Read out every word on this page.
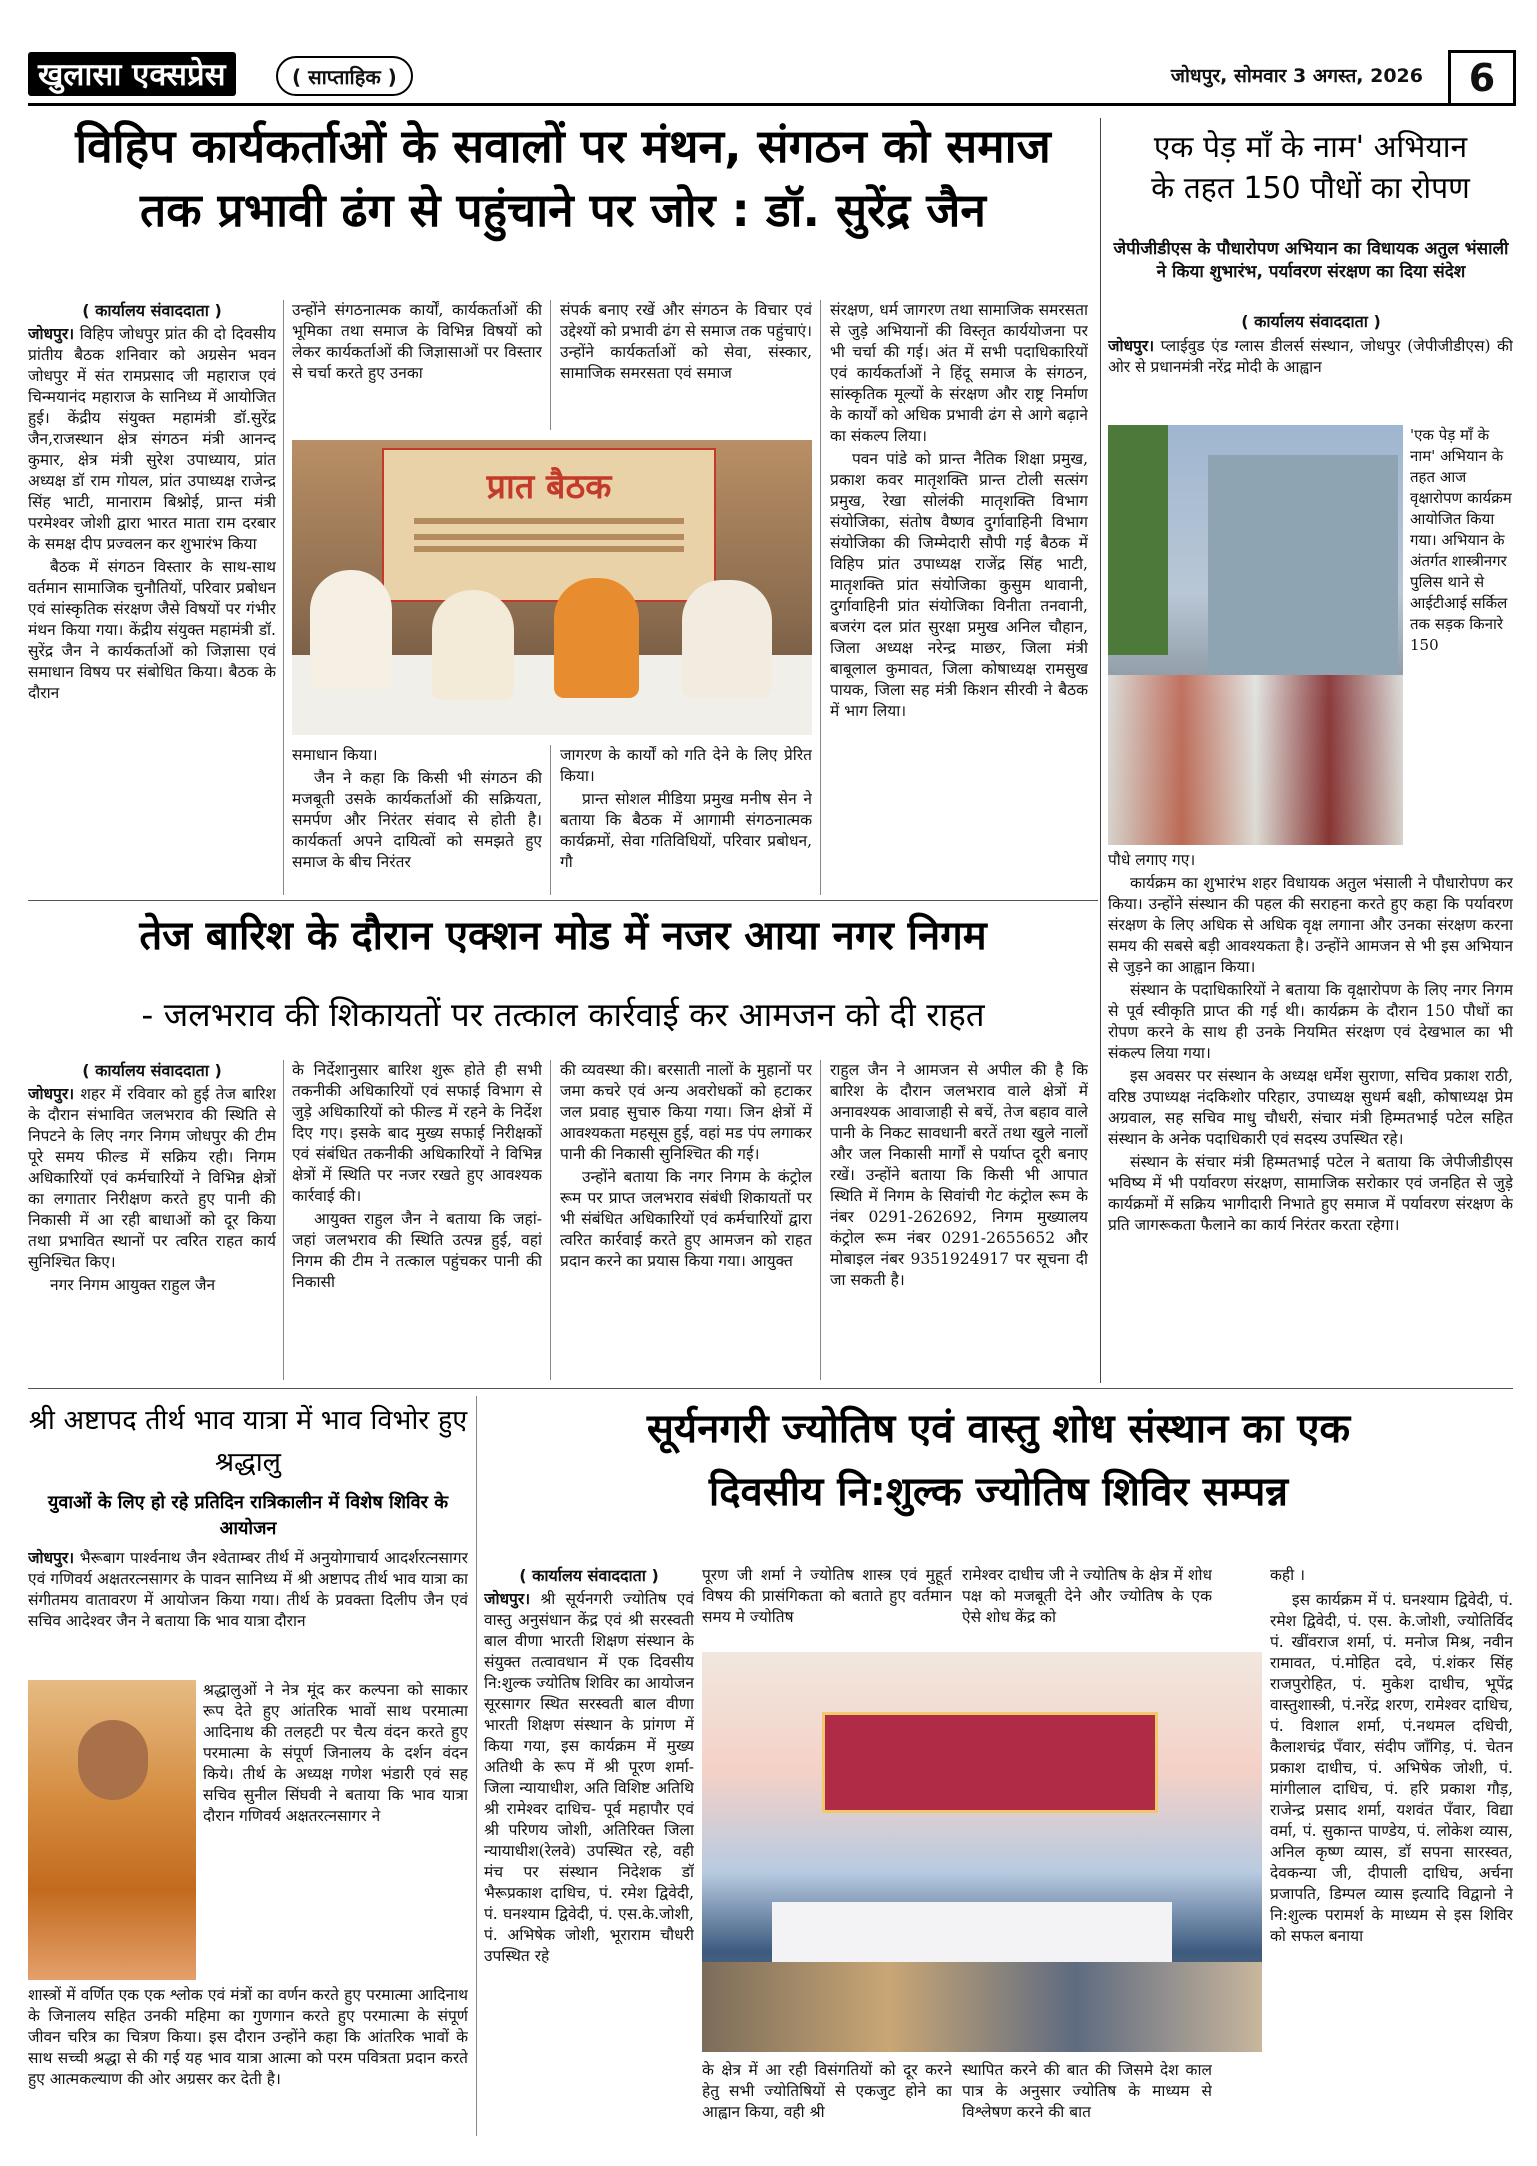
खुलासा एक्सप्रेस	( साप्ताहिक )	जोधपुर, सोमवार 3 अगस्त, 2026 6

विहिप कार्यकर्ताओं के सवालों पर मंथन, संगठन को समाज

तक प्रभावी ढंग से पहुंचाने पर जोर : डॉ. सुरेंद्र जैन

( कार्यालय संवाददाता )

जोधपुर। विहिप जोधपुर प्रांत की दो दिवसीय प्रांतीय बैठक शनिवार को अग्रसेन भवन जोधपुर में संत रामप्रसाद जी महाराज एवं चिन्मयानंद महाराज के सानिध्य में आयोजित हुई। केंद्रीय संयुक्त महामंत्री डॉ.सुरेंद्र जैन,राजस्थान क्षेत्र संगठन मंत्री आनन्द कुमार, क्षेत्र मंत्री सुरेश उपाध्याय, प्रांत अध्यक्ष डॉ राम गोयल, प्रांत उपाध्यक्ष राजेन्द्र सिंह भाटी, मानाराम बिश्नोई, प्रान्त मंत्री परमेश्वर जोशी द्वारा भारत माता राम दरबार के समक्ष दीप प्रज्वलन कर शुभारंभ किया

बैठक में संगठन विस्तार के साथ-साथ वर्तमान सामाजिक चुनौतियों, परिवार प्रबोधन एवं सांस्कृतिक संरक्षण जैसे विषयों पर गंभीर मंथन किया गया। केंद्रीय संयुक्त महामंत्री डॉ. सुरेंद्र जैन ने कार्यकर्ताओं को जिज्ञासा एवं समाधान विषय पर संबोधित किया। बैठक के दौरान

उन्होंने संगठनात्मक कार्यों, कार्यकर्ताओं की भूमिका तथा समाज के विभिन्न विषयों को लेकर कार्यकर्ताओं की जिज्ञासाओं पर विस्तार से चर्चा करते हुए उनका

संपर्क बनाए रखें और संगठन के विचार एवं उद्देश्यों को प्रभावी ढंग से समाज तक पहुंचाएं। उन्होंने कार्यकर्ताओं को सेवा, संस्कार, सामाजिक समरसता एवं समाज

प्रात बैठक

समाधान किया।

जैन ने कहा कि किसी भी संगठन की मजबूती उसके कार्यकर्ताओं की सक्रियता, समर्पण और निरंतर संवाद से होती है। कार्यकर्ता अपने दायित्वों को समझते हुए समाज के बीच निरंतर

जागरण के कार्यों को गति देने के लिए प्रेरित किया।

प्रान्त सोशल मीडिया प्रमुख मनीष सेन ने बताया कि बैठक में आगामी संगठनात्मक कार्यक्रमों, सेवा गतिविधियों, परिवार प्रबोधन, गौ

संरक्षण, धर्म जागरण तथा सामाजिक समरसता से जुड़े अभियानों की विस्तृत कार्ययोजना पर भी चर्चा की गई। अंत में सभी पदाधिकारियों एवं कार्यकर्ताओं ने हिंदू समाज के संगठन, सांस्कृतिक मूल्यों के संरक्षण और राष्ट्र निर्माण के कार्यों को अधिक प्रभावी ढंग से आगे बढ़ाने का संकल्प लिया।

पवन पांडे को प्रान्त नैतिक शिक्षा प्रमुख, प्रकाश कवर मातृशक्ति प्रान्त टोली सत्संग प्रमुख, रेखा सोलंकी मातृशक्ति विभाग संयोजिका, संतोष वैष्णव दुर्गावाहिनी विभाग संयोजिका की जिम्मेदारी सौपी गई बैठक में विहिप प्रांत उपाध्यक्ष राजेंद्र सिंह भाटी, मातृशक्ति प्रांत संयोजिका कुसुम थावानी, दुर्गावाहिनी प्रांत संयोजिका विनीता तनवानी, बजरंग दल प्रांत सुरक्षा प्रमुख अनिल चौहान, जिला अध्यक्ष नरेन्द्र माछर, जिला मंत्री बाबूलाल कुमावत, जिला कोषाध्यक्ष रामसुख पायक, जिला सह मंत्री किशन सीरवी ने बैठक में भाग लिया।

एक पेड़ माँ के नाम' अभियान

के तहत 150 पौधों का रोपण

जेपीजीडीएस के पौधारोपण अभियान का विधायक अतुल भंसाली ने किया शुभारंभ, पर्यावरण संरक्षण का दिया संदेश
( कार्यालय संवाददाता )

जोधपुर। प्लाईवुड एंड ग्लास डीलर्स संस्थान, जोधपुर (जेपीजीडीएस) की ओर से प्रधानमंत्री नरेंद्र मोदी के आह्वान

'एक पेड़ माँ के नाम' अभियान के तहत आज वृक्षारोपण कार्यक्रम आयोजित किया गया। अभियान के अंतर्गत शास्त्रीनगर पुलिस थाने से आईटीआई सर्किल तक सड़क किनारे 150

पौधे लगाए गए।

कार्यक्रम का शुभारंभ शहर विधायक अतुल भंसाली ने पौधारोपण कर किया। उन्होंने संस्थान की पहल की सराहना करते हुए कहा कि पर्यावरण संरक्षण के लिए अधिक से अधिक वृक्ष लगाना और उनका संरक्षण करना समय की सबसे बड़ी आवश्यकता है। उन्होंने आमजन से भी इस अभियान से जुड़ने का आह्वान किया।

संस्थान के पदाधिकारियों ने बताया कि वृक्षारोपण के लिए नगर निगम से पूर्व स्वीकृति प्राप्त की गई थी। कार्यक्रम के दौरान 150 पौधों का रोपण करने के साथ ही उनके नियमित संरक्षण एवं देखभाल का भी संकल्प लिया गया।

इस अवसर पर संस्थान के अध्यक्ष धर्मेश सुराणा, सचिव प्रकाश राठी, वरिष्ठ उपाध्यक्ष नंदकिशोर परिहार, उपाध्यक्ष सुधर्म बक्षी, कोषाध्यक्ष प्रेम अग्रवाल, सह सचिव माधु चौधरी, संचार मंत्री हिम्मतभाई पटेल सहित संस्थान के अनेक पदाधिकारी एवं सदस्य उपस्थित रहे।

संस्थान के संचार मंत्री हिम्मतभाई पटेल ने बताया कि जेपीजीडीएस भविष्य में भी पर्यावरण संरक्षण, सामाजिक सरोकार एवं जनहित से जुड़े कार्यक्रमों में सक्रिय भागीदारी निभाते हुए समाज में पर्यावरण संरक्षण के प्रति जागरूकता फैलाने का कार्य निरंतर करता रहेगा।

तेज बारिश के दौरान एक्शन मोड में नजर आया नगर निगम

- जलभराव की शिकायतों पर तत्काल कार्रवाई कर आमजन को दी राहत

( कार्यालय संवाददाता )

जोधपुर। शहर में रविवार को हुई तेज बारिश के दौरान संभावित जलभराव की स्थिति से निपटने के लिए नगर निगम जोधपुर की टीम पूरे समय फील्ड में सक्रिय रही। निगम अधिकारियों एवं कर्मचारियों ने विभिन्न क्षेत्रों का लगातार निरीक्षण करते हुए पानी की निकासी में आ रही बाधाओं को दूर किया तथा प्रभावित स्थानों पर त्वरित राहत कार्य सुनिश्चित किए।

नगर निगम आयुक्त राहुल जैन

के निर्देशानुसार बारिश शुरू होते ही सभी तकनीकी अधिकारियों एवं सफाई विभाग से जुड़े अधिकारियों को फील्ड में रहने के निर्देश दिए गए। इसके बाद मुख्य सफाई निरीक्षकों एवं संबंधित तकनीकी अधिकारियों ने विभिन्न क्षेत्रों में स्थिति पर नजर रखते हुए आवश्यक कार्रवाई की।

आयुक्त राहुल जैन ने बताया कि जहां-जहां जलभराव की स्थिति उत्पन्न हुई, वहां निगम की टीम ने तत्काल पहुंचकर पानी की निकासी

की व्यवस्था की। बरसाती नालों के मुहानों पर जमा कचरे एवं अन्य अवरोधकों को हटाकर जल प्रवाह सुचारु किया गया। जिन क्षेत्रों में आवश्यकता महसूस हुई, वहां मड पंप लगाकर पानी की निकासी सुनिश्चित की गई।

उन्होंने बताया कि नगर निगम के कंट्रोल रूम पर प्राप्त जलभराव संबंधी शिकायतों पर भी संबंधित अधिकारियों एवं कर्मचारियों द्वारा त्वरित कार्रवाई करते हुए आमजन को राहत प्रदान करने का प्रयास किया गया। आयुक्त

राहुल जैन ने आमजन से अपील की है कि बारिश के दौरान जलभराव वाले क्षेत्रों में अनावश्यक आवाजाही से बचें, तेज बहाव वाले पानी के निकट सावधानी बरतें तथा खुले नालों और जल निकासी मार्गों से पर्याप्त दूरी बनाए रखें। उन्होंने बताया कि किसी भी आपात स्थिति में निगम के सिवांची गेट कंट्रोल रूम के नंबर 0291-262692, निगम मुख्यालय कंट्रोल रूम नंबर 0291-2655652 और मोबाइल नंबर 9351924917 पर सूचना दी जा सकती है।

श्री अष्टापद तीर्थ भाव यात्रा में भाव विभोर हुए श्रद्धालु

युवाओं के लिए हो रहे प्रतिदिन रात्रिकालीन में विशेष शिविर के आयोजन

जोधपुर। भैरूबाग पार्श्वनाथ जैन श्वेताम्बर तीर्थ में अनुयोगाचार्य आदर्शरत्नसागर एवं गणिवर्य अक्षतरत्नसागर के पावन सानिध्य में श्री अष्टापद तीर्थ भाव यात्रा का संगीतमय वातावरण में आयोजन किया गया। तीर्थ के प्रवक्ता दिलीप जैन एवं सचिव आदेश्वर जैन ने बताया कि भाव यात्रा दौरान

श्रद्धालुओं ने नेत्र मूंद कर कल्पना को साकार रूप देते हुए आंतरिक भावों साथ परमात्मा आदिनाथ की तलहटी पर चैत्य वंदन करते हुए परमात्मा के संपूर्ण जिनालय के दर्शन वंदन किये। तीर्थ के अध्यक्ष गणेश भंडारी एवं सह सचिव सुनील सिंघवी ने बताया कि भाव यात्रा दौरान गणिवर्य अक्षतरत्नसागर ने

शास्त्रों में वर्णित एक एक श्लोक एवं मंत्रों का वर्णन करते हुए परमात्मा आदिनाथ के जिनालय सहित उनकी महिमा का गुणगान करते हुए परमात्मा के संपूर्ण जीवन चरित्र का चित्रण किया। इस दौरान उन्होंने कहा कि आंतरिक भावों के साथ सच्ची श्रद्धा से की गई यह भाव यात्रा आत्मा को परम पवित्रता प्रदान करते हुए आत्मकल्याण की ओर अग्रसर कर देती है।

सूर्यनगरी ज्योतिष एवं वास्तु शोध संस्थान का एक

दिवसीय नि:शुल्क ज्योतिष शिविर सम्पन्न

( कार्यालय संवाददाता )

जोधपुर। श्री सूर्यनगरी ज्योतिष एवं वास्तु अनुसंधान केंद्र एवं श्री सरस्वती बाल वीणा भारती शिक्षण संस्थान के संयुक्त तत्वावधान में एक दिवसीय नि:शुल्क ज्योतिष शिविर का आयोजन सूरसागर स्थित सरस्वती बाल वीणा भारती शिक्षण संस्थान के प्रांगण में किया गया, इस कार्यक्रम में मुख्य अतिथी के रूप में श्री पूरण शर्मा- जिला न्यायाधीश, अति विशिष्ट अतिथि श्री रामेश्वर दाधिच- पूर्व महापौर एवं श्री परिणय जोशी, अतिरिक्त जिला न्यायाधीश(रेलवे) उपस्थित रहे, वही मंच पर संस्थान निदेशक डॉ भैरूप्रकाश दाधिच, पं. रमेश द्विवेदी, पं. घनश्याम द्विवेदी, पं. एस.के.जोशी, पं. अभिषेक जोशी, भूराराम चौधरी उपस्थित रहे

पूरण जी शर्मा ने ज्योतिष शास्त्र एवं मुहूर्त विषय की प्रासंगिकता को बताते हुए वर्तमान समय मे ज्योतिष

रामेश्वर दाधीच जी ने ज्योतिष के क्षेत्र में शोध पक्ष को मजबूती देने और ज्योतिष के एक ऐसे शोध केंद्र को

के क्षेत्र में आ रही विसंगतियों को दूर करने हेतु सभी ज्योतिषियों से एकजुट होने का आह्वान किया, वही श्री

स्थापित करने की बात की जिसमे देश काल पात्र के अनुसार ज्योतिष के माध्यम से विश्लेषण करने की बात

कही ।

इस कार्यक्रम में पं. घनश्याम द्विवेदी, पं. रमेश द्विवेदी, पं. एस. के.जोशी, ज्योतिर्विद पं. खींवराज शर्मा, पं. मनोज मिश्र, नवीन रामावत, पं.मोहित दवे, पं.शंकर सिंह राजपुरोहित, पं. मुकेश दाधीच, भूपेंद्र वास्तुशास्त्री, पं.नरेंद्र शरण, रामेश्वर दाधिच, पं. विशाल शर्मा, पं.नथमल दधिची, कैलाशचंद्र पँवार, संदीप जाँगिड़, पं. चेतन प्रकाश दाधीच, पं. अभिषेक जोशी, पं. मांगीलाल दाधिच, पं. हरि प्रकाश गौड़, राजेन्द्र प्रसाद शर्मा, यशवंत पँवार, विद्या वर्मा, पं. सुकान्त पाण्डेय, पं. लोकेश व्यास, अनिल कृष्ण व्यास, डॉ सपना सारस्वत, देवकन्या जी, दीपाली दाधिच, अर्चना प्रजापति, डिम्पल व्यास इत्यादि विद्वानो ने नि:शुल्क परामर्श के माध्यम से इस शिविर को सफल बनाया
